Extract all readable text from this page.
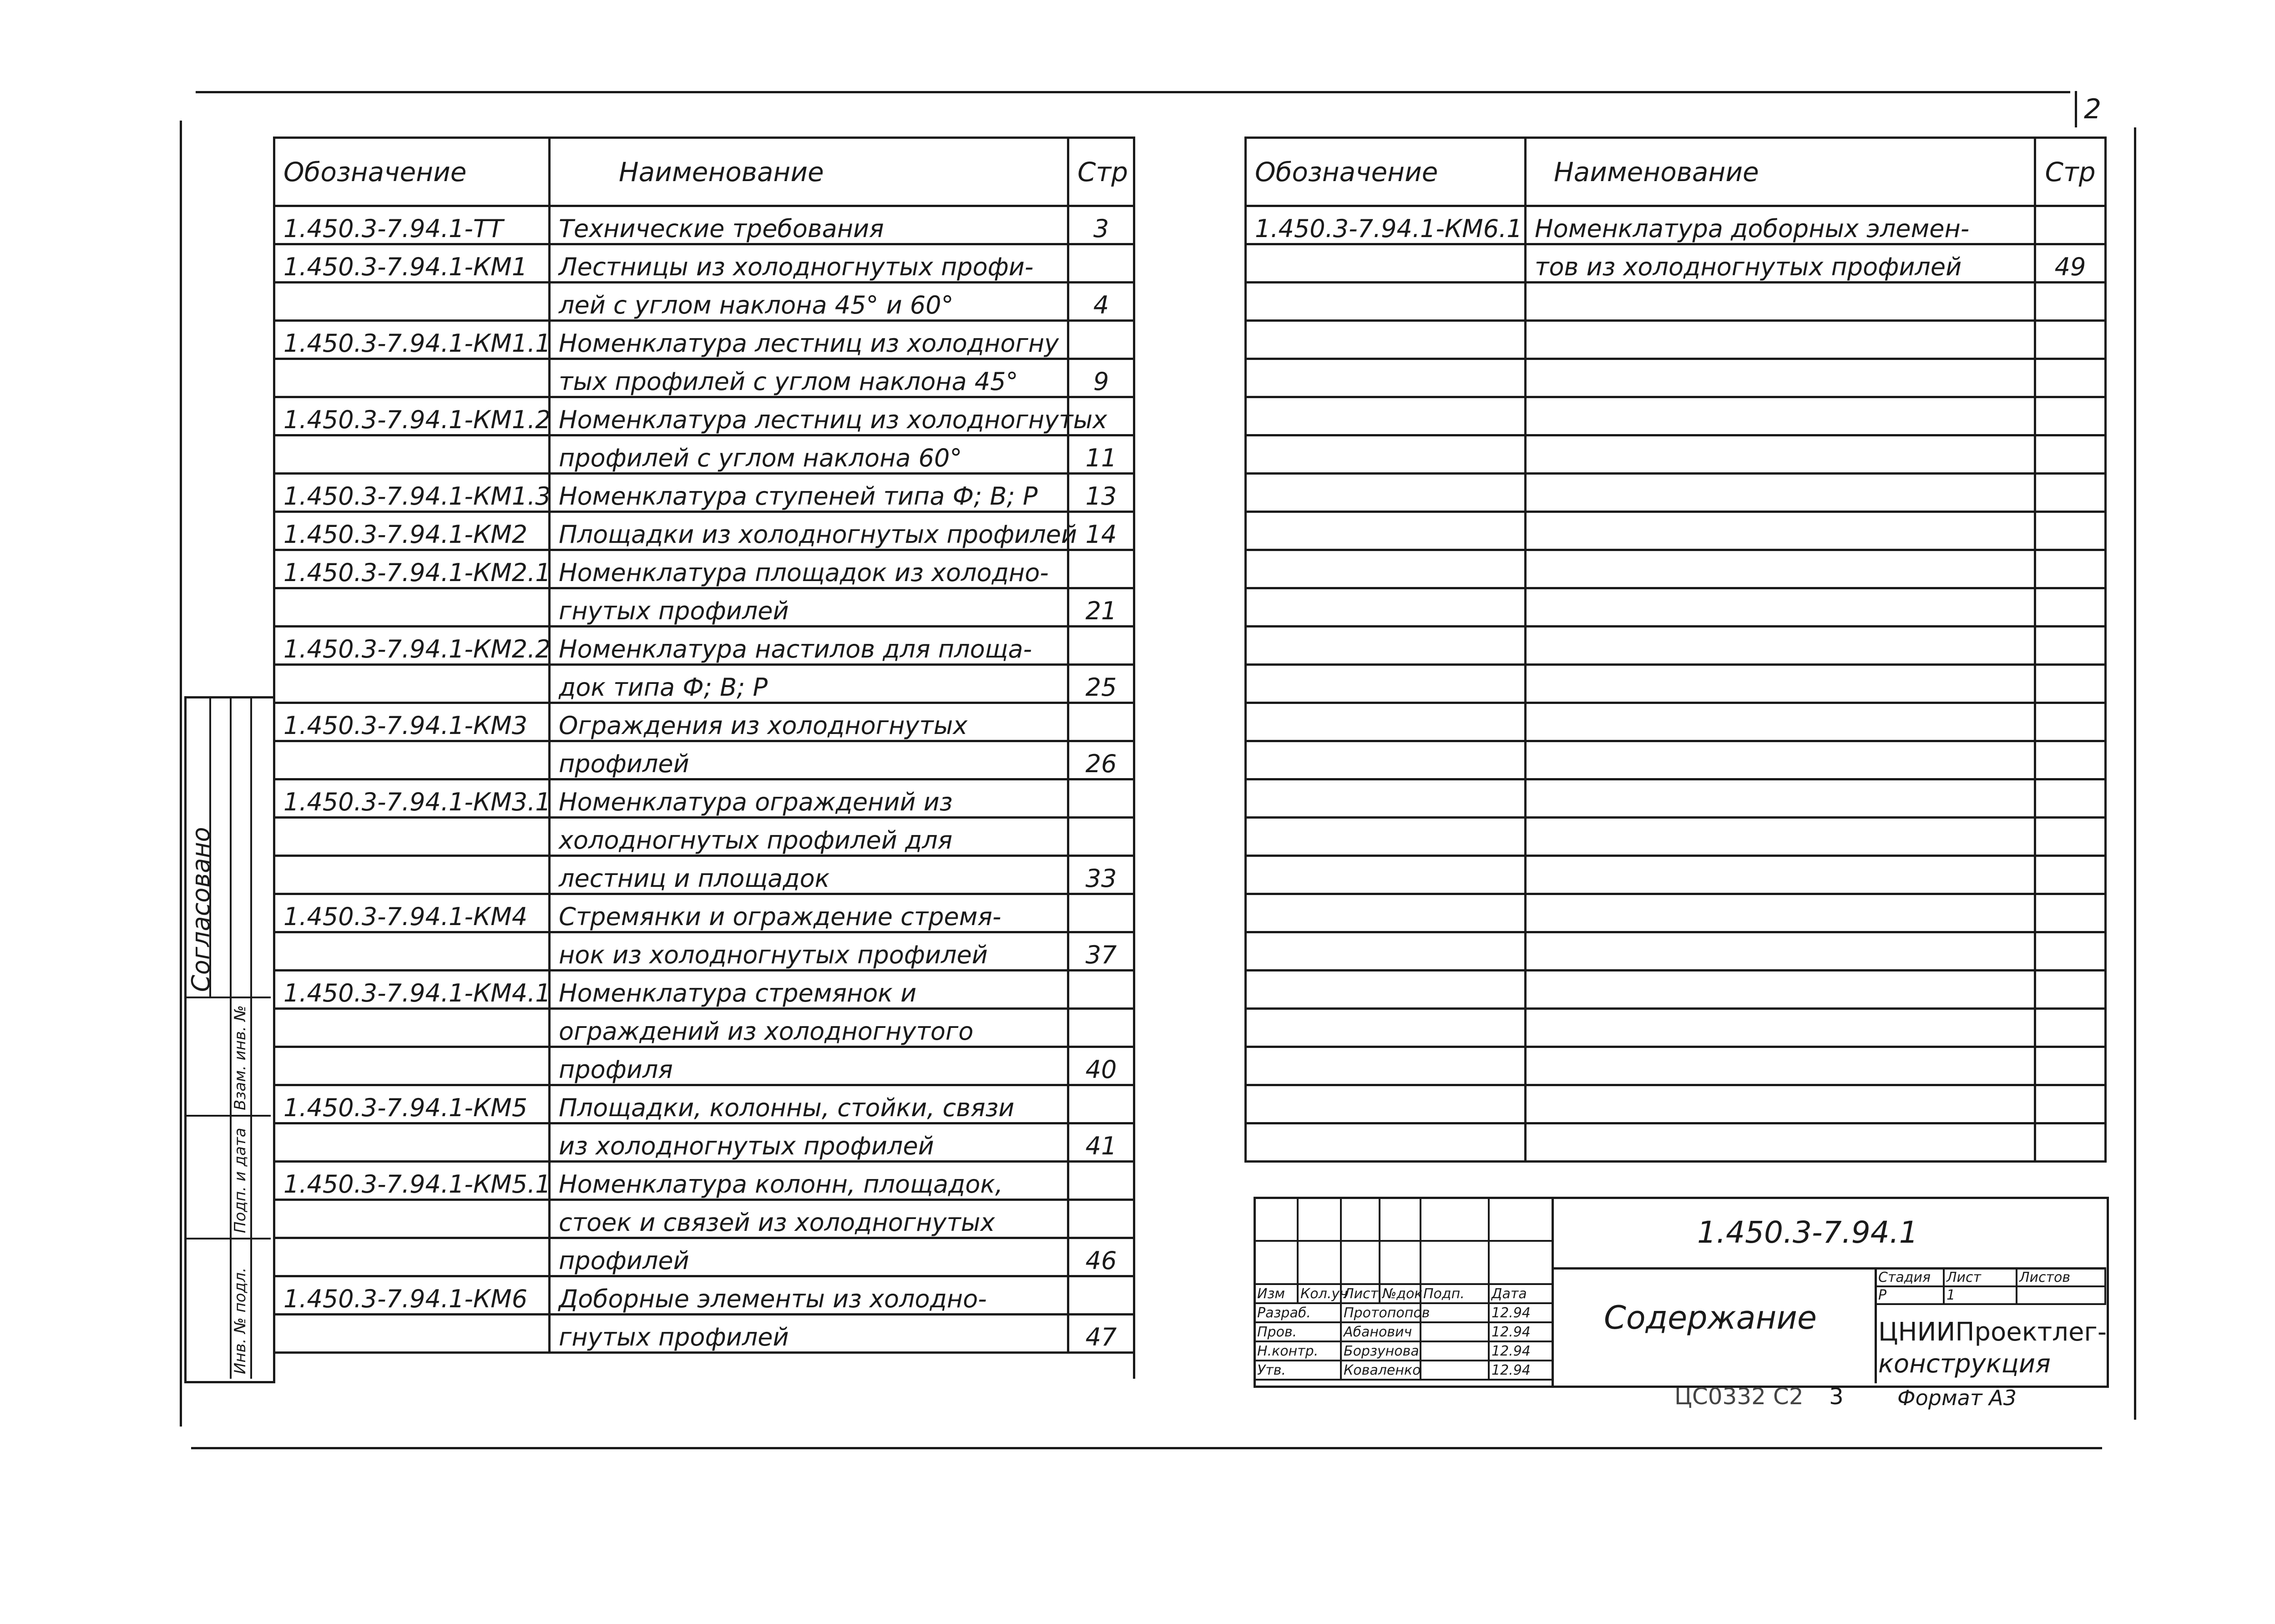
2
Согласовано
Взам. инв. №
Подп. и дата
Инв. № подл.
Обозначение	Наименование	Стр
1.450.3-7.94.1-ТТ	Технические требования	3
1.450.3-7.94.1-КМ1	Лестницы из холодногнутых профи-	
	лей с углом наклона 45° и 60°	4
1.450.3-7.94.1-КМ1.1	Номенклатура лестниц из холодногну	
	тых профилей с углом наклона 45°	9
1.450.3-7.94.1-КМ1.2	Номенклатура лестниц из холодногнутых	
	профилей с углом наклона 60°	11
1.450.3-7.94.1-КМ1.3	Номенклатура ступеней типа Ф; В; Р	13
1.450.3-7.94.1-КМ2	Площадки из холодногнутых профилей	14
1.450.3-7.94.1-КМ2.1	Номенклатура площадок из холодно-	
	гнутых профилей	21
1.450.3-7.94.1-КМ2.2	Номенклатура настилов для площа-	
	док типа Ф; В; Р	25
1.450.3-7.94.1-КМ3	Ограждения из холодногнутых	
	профилей	26
1.450.3-7.94.1-КМ3.1	Номенклатура ограждений из	
	холодногнутых профилей для	
	лестниц и площадок	33
1.450.3-7.94.1-КМ4	Стремянки и ограждение стремя-	
	нок из холодногнутых профилей	37
1.450.3-7.94.1-КМ4.1	Номенклатура стремянок и	
	ограждений из холодногнутого	
	профиля	40
1.450.3-7.94.1-КМ5	Площадки, колонны, стойки, связи	
	из холодногнутых профилей	41
1.450.3-7.94.1-КМ5.1	Номенклатура колонн, площадок,	
	стоек и связей из холодногнутых	
	профилей	46
1.450.3-7.94.1-КМ6	Доборные элементы из холодно-	
	гнутых профилей	47
Обозначение	Наименование	Стр
1.450.3-7.94.1-КМ6.1	Номенклатура доборных элемен-	
	тов из холодногнутых профилей	49

1.450.3-7.94.1
Содержание
Стадия	Лист	Листов
Р	1	
ЦНИИПроектлег-
конструкция

Изм	Кол.уч	Лист	№док	Подп.	Дата
Разраб.		Протопопов			12.94
Пров.		Абанович			12.94
Н.контр.		Борзунова			12.94
Утв.		Коваленко			12.94
ЦС0332 С2 3	Формат А3
